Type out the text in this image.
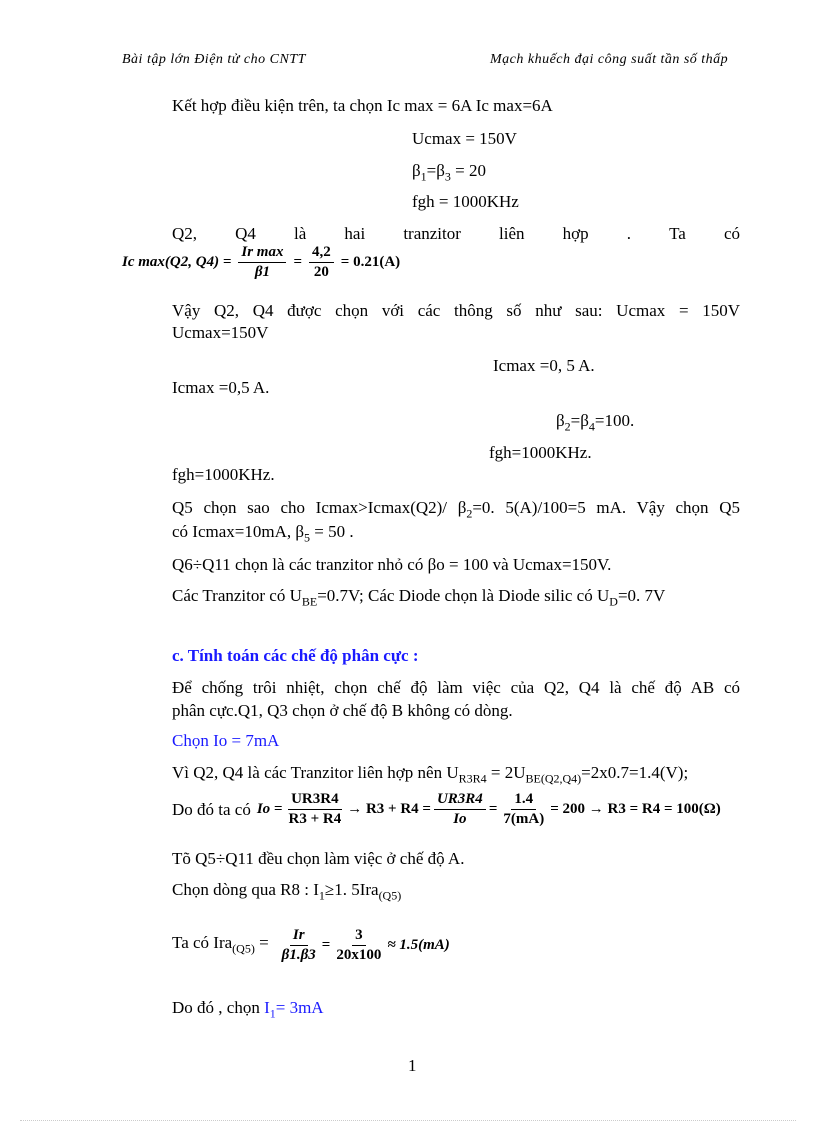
Bài tập lớn Điện tử cho CNTT	Mạch khuếch đại công suất tần số thấp
Kết hợp điều kiện trên, ta chọn Ic max = 6A Ic max=6A
Ucmax = 150V
$\beta_1=\beta_3 = 20$
fgh = 1000KHz
Q2, Q4 là hai tranzitor liên hợp . Ta có
Ic max(Q2, $Q4) = \frac{\text{Ir max}}{\beta 1} = \frac{4,2}{20} = 0.21(A)$
Vậy Q2, Q4 được chọn với các thông số như sau: Ucmax = 150V
Ucmax=150V
Icmax =0, 5 A.
Icmax =0,5 A.
$\beta_2=\beta_4=100$.
fgh=1000KHz.
fgh=1000KHz.
Q5 chọn sao cho Icmax>Icmax(Q2)/ $\beta_2=0$. 5(A)/100=5 mA. Vậy chọn Q5
có Icmax=10mA, $\beta_5 = 50$ .
Q6÷Q11 chọn là các tranzitor nhỏ có βo = 100 và Ucmax=150V.
Các Tranzitor có $U_{BE}=0.7V$; Các Diode chọn là Diode silic có $U_D=0$. 7V
c. Tính toán các chế độ phân cực :
Để chống trôi nhiệt, chọn chế độ làm việc của Q2, Q4 là chế độ AB có
phân cực.Q1, Q3 chọn ở chế độ B không có dòng.
Chọn Io = 7mA
Vì Q2, Q4 là các Tranzitor liên hợp nên $U_{R3R4} = 2U_{BE(Q2,Q4)}=2x0.7=1.4(V)$;
Do đó ta có $Io = \frac{UR3R4}{R3 + R4} \to R3 + R4 = \frac{UR3R4}{Io} = \frac{1.4}{7(mA)} = 200 \to R3 = R4 = 100(\Omega)$
Tõ Q5÷Q11 đều chọn làm việc ở chế độ A.
Chọn dòng qua R8 : $I_1\ge 1$. 5Ira$_{(Q5)}$
Ta có $Ira_{(Q5)} = \frac{Ir}{\beta 1.\beta 3} = \frac{3}{20x100} \approx 1.5(mA)$
Do đó , chọn $I_1= 3mA$
1
